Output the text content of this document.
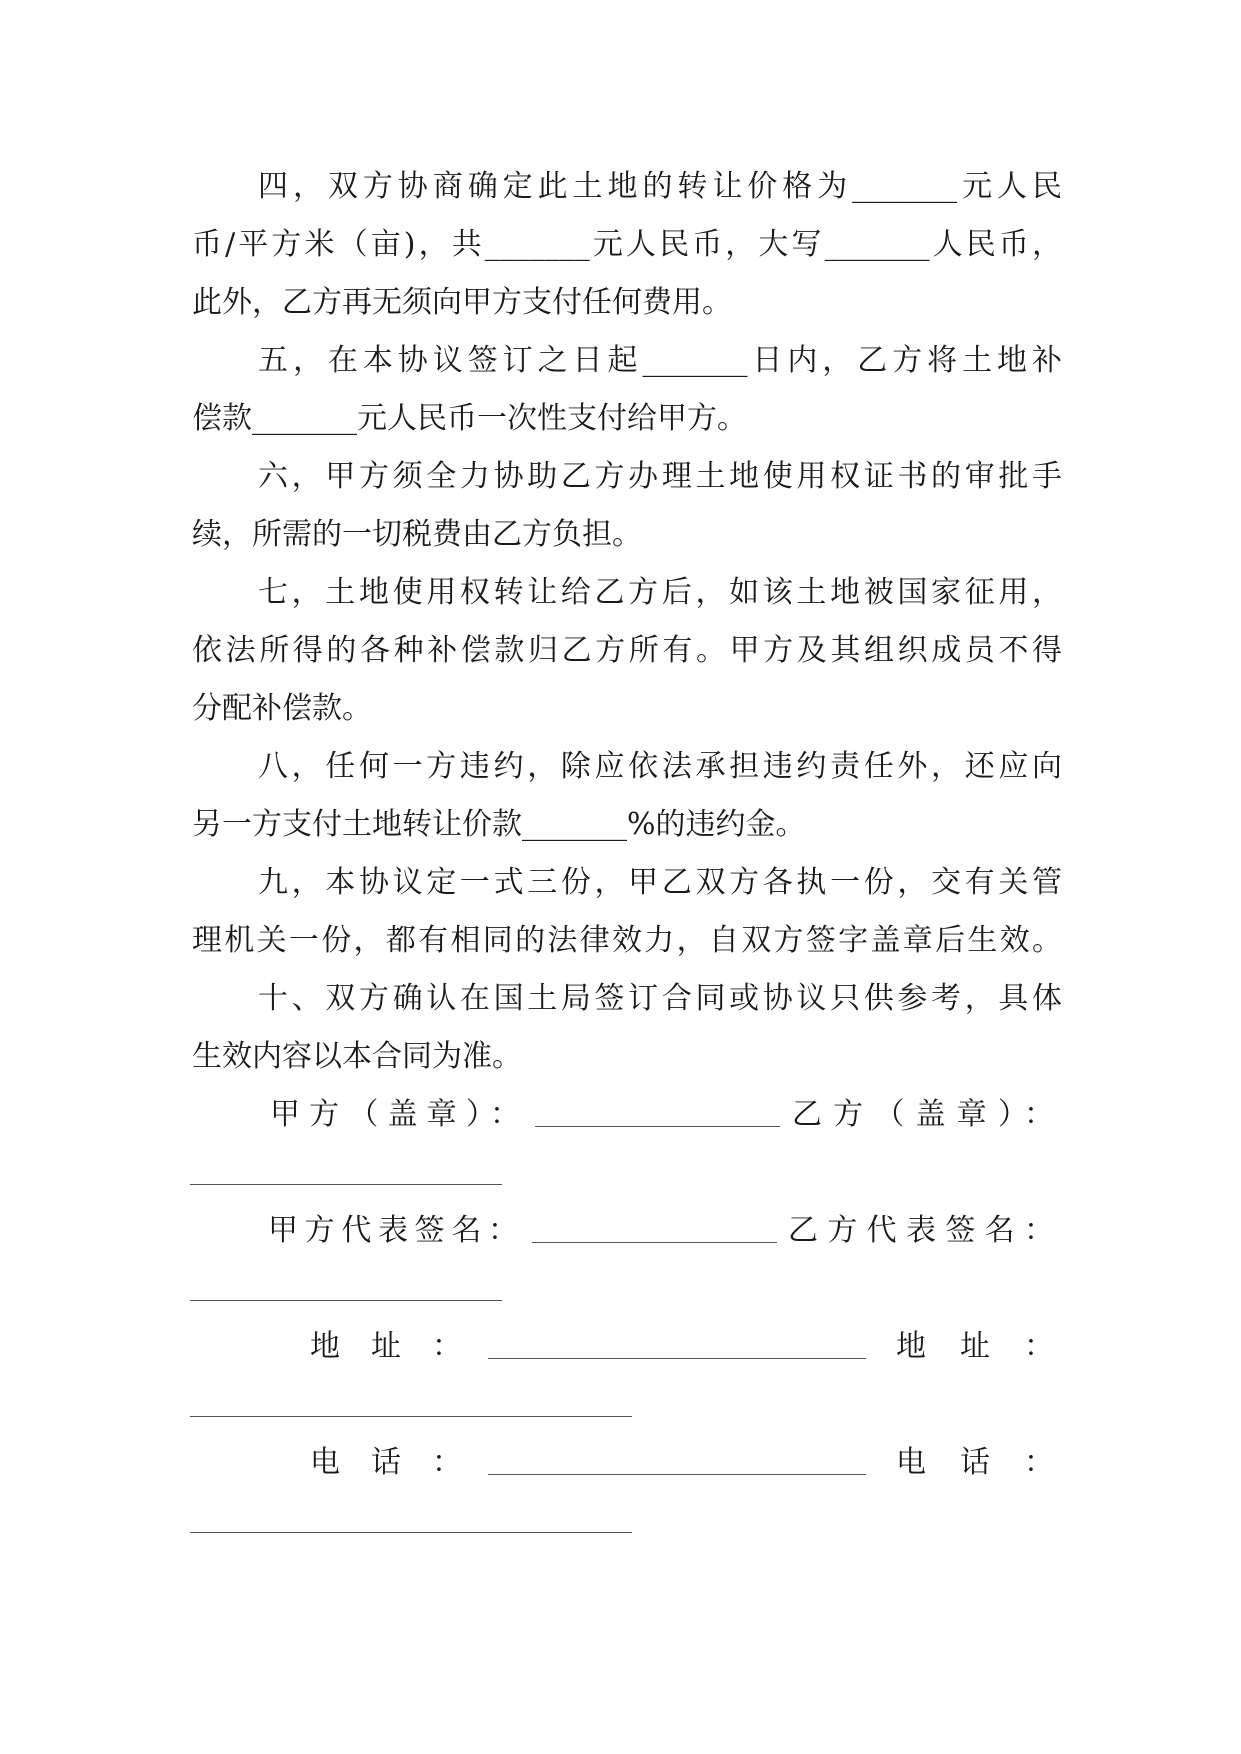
四，双方协商确定此土地的转让价格为_______元人民
币/平方米（亩)，共_______元人民币，大写_______人民币，
此外，乙方再无须向甲方支付任何费用。
五，在本协议签订之日起_______日内，乙方将土地补
偿款_______元人民币一次性支付给甲方。
六，甲方须全力协助乙方办理土地使用权证书的审批手
续，所需的一切税费由乙方负担。
七，土地使用权转让给乙方后，如该土地被国家征用，
依法所得的各种补偿款归乙方所有。甲方及其组织成员不得
分配补偿款。
八，任何一方违约，除应依法承担违约责任外，还应向
另一方支付土地转让价款_______%的违约金。
九，本协议定一式三份，甲乙双方各执一份，交有关管
理机关一份，都有相同的法律效力，自双方签字盖章后生效。
十、双方确认在国土局签订合同或协议只供参考，具体
生效内容以本合同为准。
甲方（盖章）：	乙方（盖章）：
甲方代表签名：	乙方代表签名：
地址：	地址：
电话：	电话：
